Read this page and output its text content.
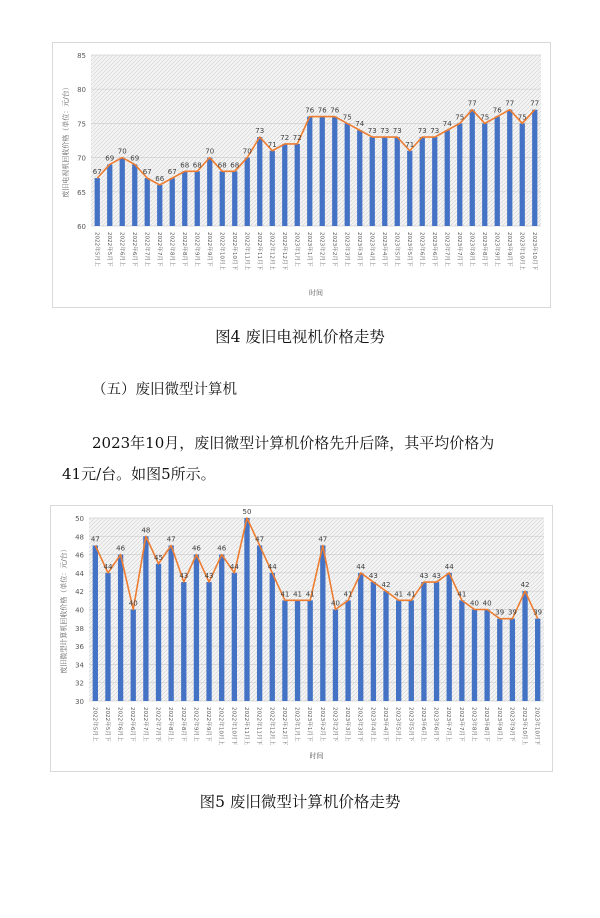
60
65
70
75
80
85
67
69
70
69
67
66
67
68 68
70
68 68
70
73
71
72 72
76 76 76
75
74
73 73 73
71
73 73
74
75
77
75
76
77
75
77
2022年5月上	2022年5月下	2022年6月上	2022年6月下	2022年7月上	2022年7月下	2022年8月上	2022年8月下	2022年9月上	2022年9月下	2022年10月上	2022年10月下	2022年11月上	2022年11月下	2022年12月上	2022年12月下	2023年1月上	2023年1月下	2023年2月上	2023年2月下	2023年3月上	2023年3月下	2023年4月上	2023年4月下	2023年5月上	2023年5月下	2023年6月上	2023年6月下	2023年7月上	2023年7月下	2023年8月上	2023年8月下	2023年9月上	2023年9月下	2023年10月上	2023年10月下
时间
废旧电视机回收价格（单位：元/台）
图4 废旧电视机价格走势
（五）废旧微型计算机
2023年10月，废旧微型计算机价格先升后降，其平均价格为
41元/台。如图5所示。
30
32
34
36
38
40
42
44
46
48
50
47
44
46
40
48
45
47
43
46
43
46
44
50
47
44
41 41 41
47
40
41
44
43
42
41 41
43 43
44
41
40 40
39 39
42
39
2022年5月上	2022年5月下	2022年6月上	2022年6月下	2022年7月上	2022年7月下	2022年8月上	2022年8月下	2022年9月上	2022年9月下	2022年10月上	2022年10月下	2022年11月上	2022年11月下	2022年12月上	2022年12月下	2023年1月上	2023年1月下	2023年2月上	2023年2月下	2023年3月上	2023年3月下	2023年4月上	2023年4月下	2023年5月上	2023年5月下	2023年6月上	2023年6月下	2023年7月上	2023年7月下	2023年8月上	2023年8月下	2023年9月上	2023年9月下	2023年10月上	2023年10月下
时间
废旧微型计算机回收价格（单位：元/台）
图5 废旧微型计算机价格走势
